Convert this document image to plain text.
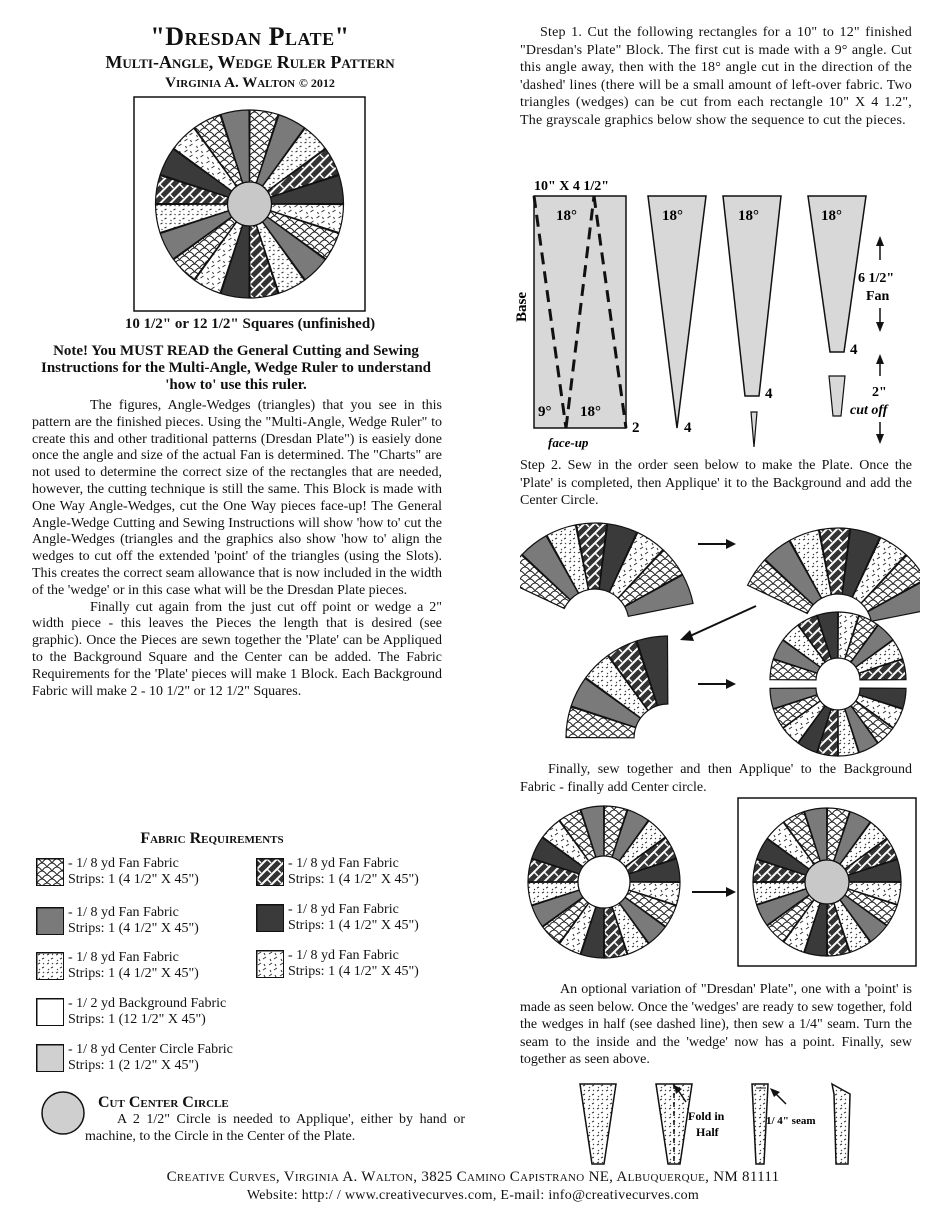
"Dresdan Plate"
Multi-Angle, Wedge Ruler Pattern
Virginia A. Walton © 2012
10 1/2" or 12 1/2" Squares (unfinished)
Note! You MUST READ the General Cutting and Sewing Instructions for the Multi-Angle, Wedge Ruler to understand 'how to' use this ruler.

The figures, Angle-Wedges (triangles) that you see in this pattern are the finished pieces. Using the "Multi-Angle, Wedge Ruler" to create this and other traditional patterns (Dresdan Plate") is easiely done once the angle and size of the actual Fan is determined. The "Charts" are not used to determine the correct size of the rectangles that are needed, however, the cutting technique is still the same. This Block is made with One Way Angle-Wedges, cut the One Way pieces face-up! The General Angle-Wedge Cutting and Sewing Instructions will show 'how to' cut the Angle-Wedges (triangles and the graphics also show 'how to' align the wedges to cut off the extended 'point' of the triangles (using the Slots). This creates the correct seam allowance that is now included in the width of the 'wedge' or in this case what will be the Dresdan Plate pieces.

Finally cut again from the just cut off point or wedge a 2" width piece - this leaves the Pieces the length that is desired (see graphic). Once the Pieces are sewn together the 'Plate' can be Appliqued to the Background Square and the Center can be added. The Fabric Requirements for the 'Plate' pieces will make 1 Block. Each Background Fabric will make 2 - 10 1/2" or 12 1/2" Squares.

Fabric Requirements
- 1/ 8 yd Fan Fabric
Strips: 1 (4 1/2" X 45")
- 1/ 8 yd Fan Fabric
Strips: 1 (4 1/2" X 45")
- 1/ 8 yd Fan Fabric
Strips: 1 (4 1/2" X 45")
- 1/ 8 yd Fan Fabric
Strips: 1 (4 1/2" X 45")
- 1/ 8 yd Fan Fabric
Strips: 1 (4 1/2" X 45")
- 1/ 8 yd Fan Fabric
Strips: 1 (4 1/2" X 45")
- 1/ 2 yd Background Fabric
Strips: 1 (12 1/2" X 45")
- 1/ 8 yd Center Circle Fabric
Strips: 1 (2 1/2" X 45")
Cut Center Circle
A 2 1/2" Circle is needed to Applique', either by hand or machine, to the Circle in the Center of the Plate.
Step 1. Cut the following rectangles for a 10" to 12" finished "Dresdan's Plate" Block. The first cut is made with a 9° angle. Cut this angle away, then with the 18° angle cut in the direction of the 'dashed' lines (there will be a small amount of left-over fabric. Two triangles (wedges) can be cut from each rectangle 10" X 4 1.2", The grayscale graphics below show the sequence to cut the pieces.
10" X 4 1/2"
18°
9° 18°
Base
face-up
2
18°
4
18°
4
18°
4
6 1/2"
Fan
2"
cut off
Step 2. Sew in the order seen below to make the Plate. Once the 'Plate' is completed, then Applique' it to the Background and add the Center Circle.
Finally, sew together and then Applique' to the Background Fabric - finally add Center circle.
An optional variation of "Dresdan' Plate", one with a 'point' is made as seen below. Once the 'wedges' are ready to sew together, fold the wedges in half (see dashed line), then sew a 1/4" seam. Turn the seam to the inside and the 'wedge' now has a point. Finally, sew together as seen above.
Fold in
Half
1/ 4" seam
Creative Curves, Virginia A. Walton, 3825 Camino Capistrano NE, Albuquerque, NM 81111
Website: http:/ / www.creativecurves.com, E-mail: info@creativecurves.com
